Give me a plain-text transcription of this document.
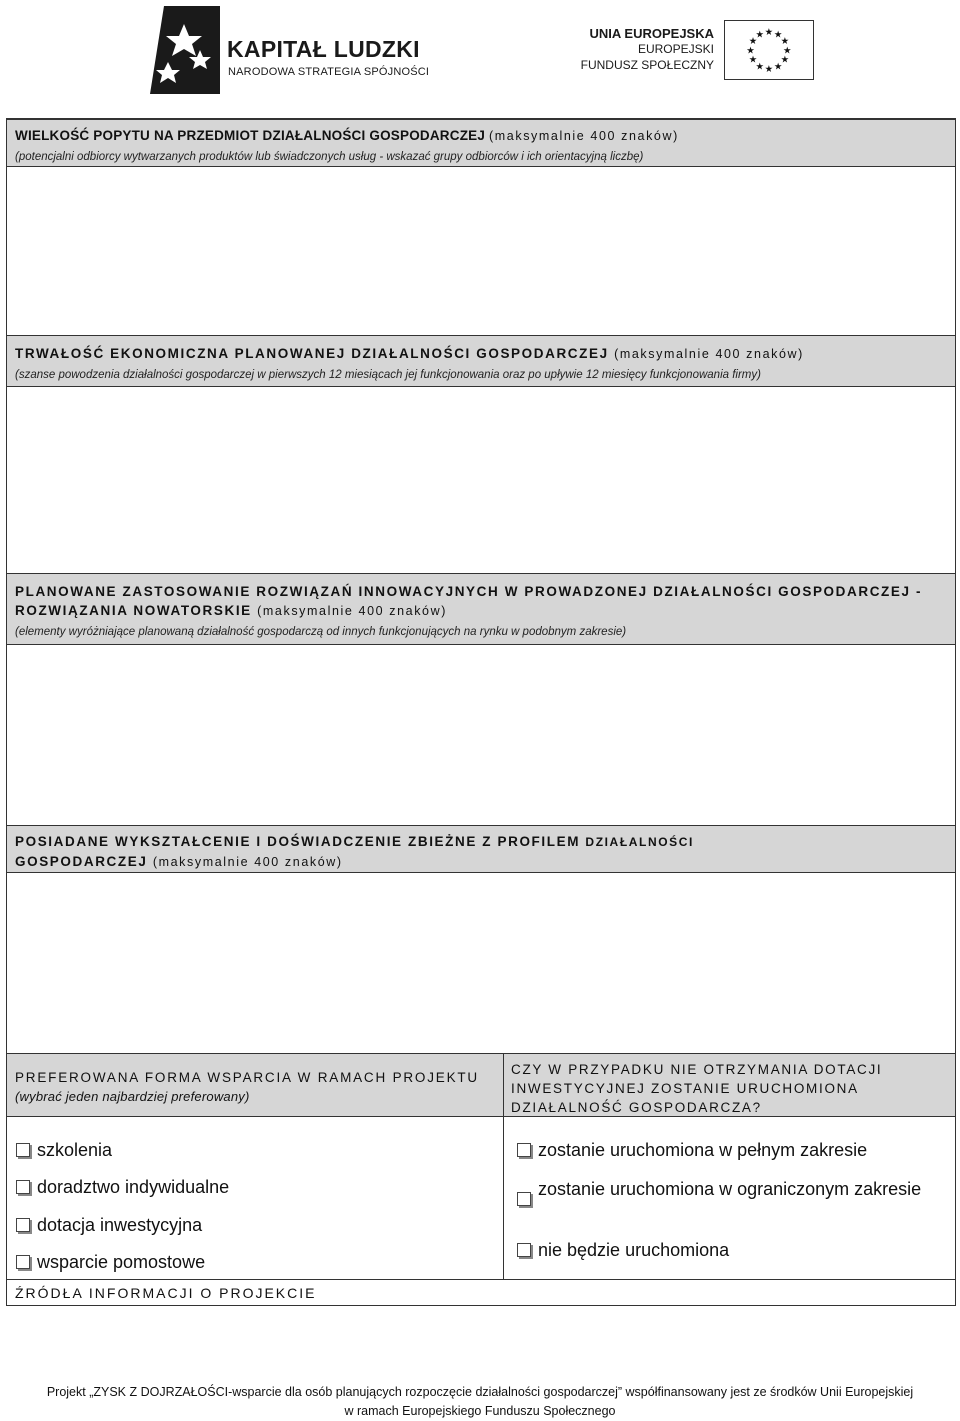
KAPITAŁ LUDZKI
NARODOWA STRATEGIA SPÓJNOŚCI
UNIA EUROPEJSKA
EUROPEJSKI
FUNDUSZ SPOŁECZNY
★
★
★
★
★
★
★
★
★ ★ ★
★
WIELKOŚĆ POPYTU NA PRZEDMIOT DZIAŁALNOŚCI GOSPODARCZEJ (maksymalnie 400 znaków)
(potencjalni odbiorcy wytwarzanych produktów lub świadczonych usług - wskazać grupy odbiorców i ich orientacyjną liczbę)
TRWAŁOŚĆ EKONOMICZNA PLANOWANEJ DZIAŁALNOŚCI GOSPODARCZEJ (maksymalnie 400 znaków)
(szanse powodzenia działalności gospodarczej w pierwszych 12 miesiącach jej funkcjonowania oraz po upływie 12 miesięcy funkcjonowania firmy)
PLANOWANE ZASTOSOWANIE ROZWIĄZAŃ INNOWACYJNYCH W PROWADZONEJ DZIAŁALNOŚCI GOSPODARCZEJ - ROZWIĄZANIA NOWATORSKIE (maksymalnie 400 znaków)
(elementy wyróżniające planowaną działalność gospodarczą od innych funkcjonujących na rynku w podobnym zakresie)
POSIADANE WYKSZTAŁCENIE I DOŚWIADCZENIE ZBIEŻNE Z PROFILEM DZIAŁALNOŚCI
GOSPODARCZEJ (maksymalnie 400 znaków)
PREFEROWANA FORMA WSPARCIA W RAMACH PROJEKTU (wybrać jeden najbardziej preferowany)
CZY W PRZYPADKU NIE OTRZYMANIA DOTACJI INWESTYCYJNEJ ZOSTANIE URUCHOMIONA DZIAŁALNOŚĆ GOSPODARCZA?
szkolenia
doradztwo indywidualne
dotacja inwestycyjna
wsparcie pomostowe
zostanie uruchomiona w pełnym zakresie
zostanie uruchomiona w ograniczonym zakresie
nie będzie uruchomiona
ŹRÓDŁA INFORMACJI O PROJEKCIE
Projekt „ZYSK Z DOJRZAŁOŚCI-wsparcie dla osób planujących rozpoczęcie działalności gospodarczej” współfinansowany jest ze środków Unii Europejskiej
w ramach Europejskiego Funduszu Społecznego
